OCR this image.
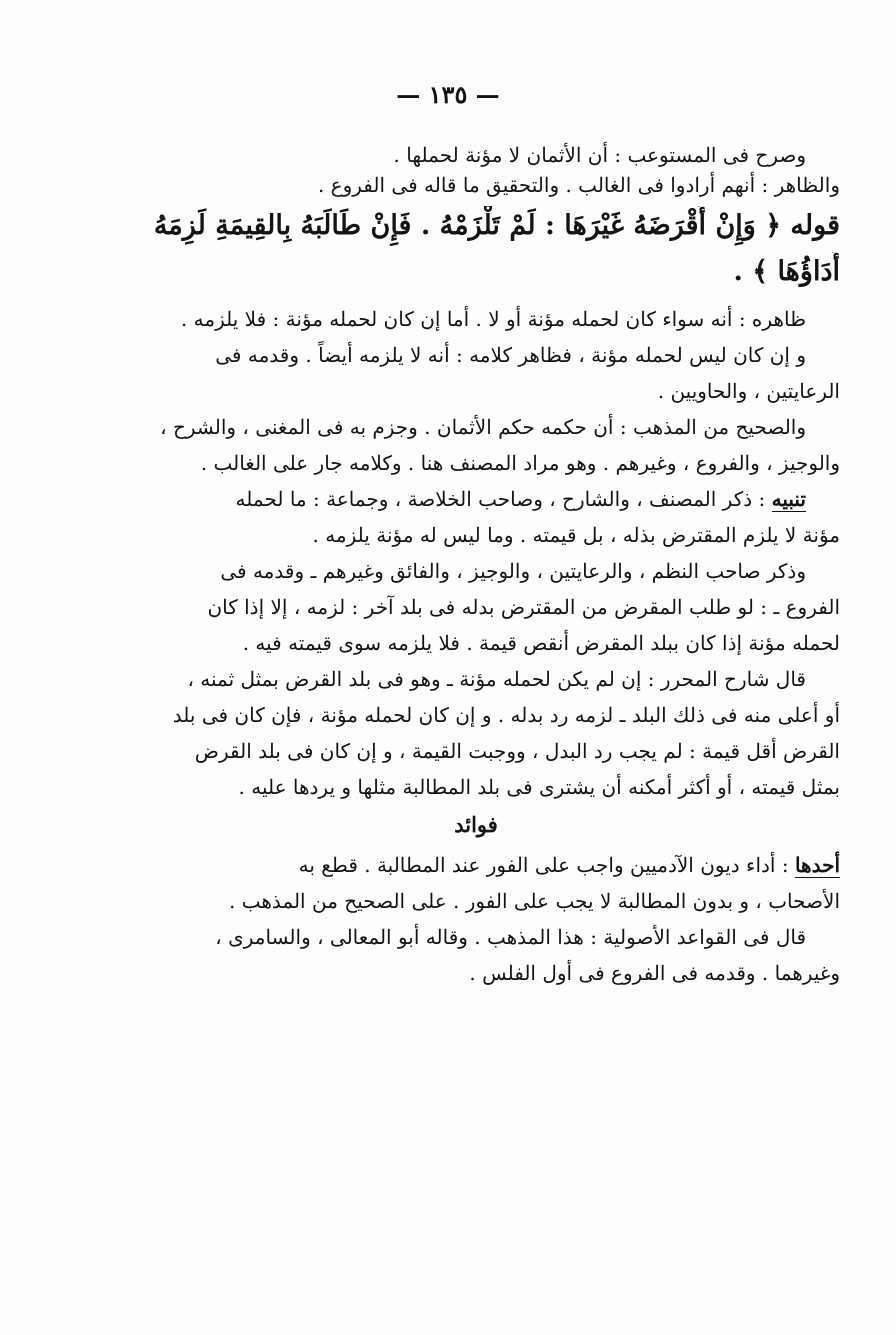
— ١٣٥ —
وصرح فى المستوعب : أن الأثمان لا مؤنة لحملها .
والظاهر : أنهم أرادوا فى الغالب . والتحقيق ما قاله فى الفروع .
قوله ﴿ وَإِنْ أَقْرَضَهُ غَيْرَهَا : لَمْ تَلْزَمْهُ . فَإِنْ طَالَبَهُ بِالقِيمَةِ لَزِمَهُ
أَدَاؤُهَا ﴾ .
ظاهره : أنه سواء كان لحمله مؤنة أو لا . أما إن كان لحمله مؤنة : فلا يلزمه .
و إن كان ليس لحمله مؤنة ، فظاهر كلامه : أنه لا يلزمه أيضاً . وقدمه فى
الرعايتين ، والحاويين .
والصحيح من المذهب : أن حكمه حكم الأثمان . وجزم به فى المغنى ، والشرح ،
والوجيز ، والفروع ، وغيرهم . وهو مراد المصنف هنا . وكلامه جار على الغالب .
تنبيه : ذكر المصنف ، والشارح ، وصاحب الخلاصة ، وجماعة : ما لحمله
مؤنة لا يلزم المقترض بذله ، بل قيمته . وما ليس له مؤنة يلزمه .
وذكر صاحب النظم ، والرعايتين ، والوجيز ، والفائق وغيرهم ـ وقدمه فى
الفروع ـ : لو طلب المقرض من المقترض بدله فى بلد آخر : لزمه ، إلا إذا كان
لحمله مؤنة إذا كان ببلد المقرض أنقص قيمة . فلا يلزمه سوى قيمته فيه .
قال شارح المحرر : إن لم يكن لحمله مؤنة ـ وهو فى بلد القرض بمثل ثمنه ،
أو أعلى منه فى ذلك البلد ـ لزمه رد بدله . و إن كان لحمله مؤنة ، فإن كان فى بلد
القرض أقل قيمة : لم يجب رد البدل ، ووجبت القيمة ، و إن كان فى بلد القرض
بمثل قيمته ، أو أكثر أمكنه أن يشترى فى بلد المطالبة مثلها و يردها عليه .
فوائد
أحدها : أداء ديون الآدميين واجب على الفور عند المطالبة . قطع به
الأصحاب ، و بدون المطالبة لا يجب على الفور . على الصحيح من المذهب .
قال فى القواعد الأصولية : هذا المذهب . وقاله أبو المعالى ، والسامرى ،
وغيرهما . وقدمه فى الفروع فى أول الفلس .
